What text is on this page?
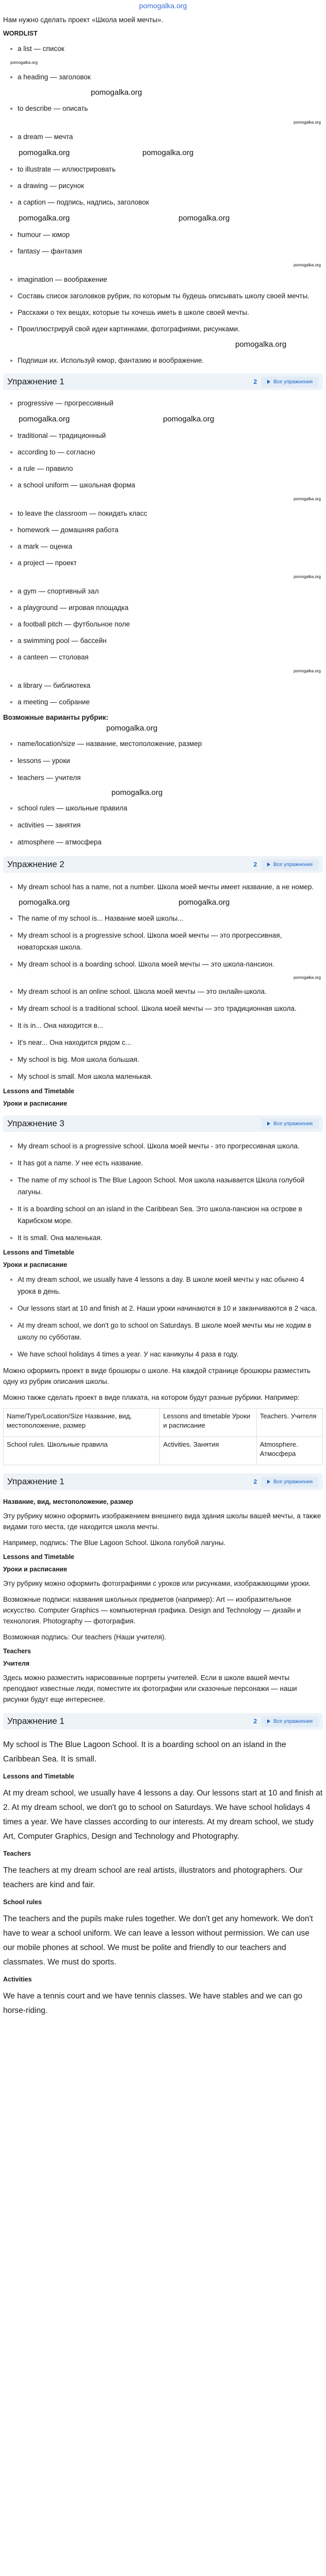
pomogalka.org

Нам нужно сделать проект «Школа моей мечты».

WORDLIST
a list — список
pomogalka.org
a heading — заголовок
pomogalka.org
to describe — описать
pomogalka.org
a dream — мечта
pomogalka.org	pomogalka.org
to illustrate — иллюстрировать
a drawing — рисунок
a caption — подпись, надпись, заголовок
pomogalka.org	pomogalka.org
humour — юмор
fantasy — фантазия
pomogalka.org
imagination — воображение
Составь список заголовков рубрик, по которым ты будешь описывать школу своей мечты.
Расскажи о тех вещах, которые ты хочешь иметь в школе своей мечты.
Проиллюстрируй свой идеи картинками, фотографиями, рисунками.
pomogalka.org
Подпиши их. Используй юмор, фантазию и воображение.
Упражнение 1	2	Все упражнения
progressive — прогрессивный
pomogalka.org	pomogalka.org
traditional — традиционный
according to — согласно
a rule — правило
a school uniform — школьная форма
pomogalka.org
to leave the classroom — покидать класс
homework — домашняя работа
a mark — оценка
a project — проект
pomogalka.org
a gym — спортивный зал
a playground — игровая площадка
a football pitch — футбольное поле
a swimming pool — бассейн
a canteen — столовая
pomogalka.org
a library — библиотека
a meeting — собрание
Возможные варианты рубрик:
pomogalka.org
name/location/size — название, местоположение, размер
lessons — уроки
teachers — учителя
pomogalka.org
school rules — школьные правила
activities — занятия
atmosphere — атмосфера
Упражнение 2	2	Все упражнения
My dream school has a name, not a number. Школа моей мечты имеет название, а не номер.
pomogalka.org	pomogalka.org
The name of my school is... Название моей школы...
My dream school is a progressive school. Школа моей мечты — это прогрессивная, новаторская школа.
My dream school is a boarding school. Школа моей мечты — это школа-пансион.
pomogalka.org
My dream school is an online school. Школа моей мечты — это онлайн-школа.
My dream school is a traditional school. Школа моей мечты — это традиционная школа.
It is in... Она находится в...
It's near... Она находится рядом с...
My school is big. Моя школа большая.
My school is small. Моя школа маленькая.
Lessons and Timetable
Уроки и расписание
Упражнение 3	Все упражнения
My dream school is a progressive school. Школа моей мечты - это прогрессивная школа.
It has got a name. У нее есть название.
The name of my school is The Blue Lagoon School. Моя школа называется Школа голубой лагуны.
It is a boarding school on an island in the Caribbean Sea. Это школа-пансион на острове в Карибском море.
It is small. Она маленькая.
Lessons and Timetable
Уроки и расписание
At my dream school, we usually have 4 lessons a day. В школе моей мечты у нас обычно 4 урока в день.
Our lessons start at 10 and finish at 2. Наши уроки начинаются в 10 и заканчиваются в 2 часа.
At my dream school, we don't go to school on Saturdays. В школе моей мечты мы не ходим в школу по субботам.
We have school holidays 4 times a year. У нас каникулы 4 раза в году.

Можно оформить проект в виде брошюры о школе. На каждой странице брошюры разместить одну из рубрик описания школы.

Можно также сделать проект в виде плаката, на котором будут разные рубрики. Например:

Name/Type/Location/Size Название, вид, местоположение, размер	Lessons and timetable Уроки и расписание	Teachers. Учителя
School rules. Школьные правила	Activities. Занятия	Atmosphere. Атмосфера
Упражнение 1	2	Все упражнения
Название, вид, местоположение, размер

Эту рубрику можно оформить изображением внешнего вида здания школы вашей мечты, а также видами того места, где находится школа мечты.

Например, подпись: The Blue Lagoon School. Школа голубой лагуны.

Lessons and Timetable
Уроки и расписание

Эту рубрику можно оформить фотографиями с уроков или рисунками, изображающими уроки.

Возможные подписи: названия школьных предметов (например): Art — изобразительное искусство. Computer Graphics — компьютерная графика. Design and Technology — дизайн и технология. Photography — фотография.

Возможная подпись: Our teachers (Наши учителя).

Teachers
Учителя

Здесь можно разместить нарисованные портреты учителей. Если в школе вашей мечты преподают известные люди, поместите их фотографии или сказочные персонажи — наши рисунки будут еще интереснее.

Упражнение 1	2	Все упражнения

My school is The Blue Lagoon School. It is a boarding school on an island in the Caribbean Sea. It is small.

Lessons and Timetable

At my dream school, we usually have 4 lessons a day. Our lessons start at 10 and finish at 2. At my dream school, we don't go to school on Saturdays. We have school holidays 4 times a year. We have classes according to our interests. At my dream school, we study Art, Computer Graphics, Design and Technology and Photography.

Teachers

The teachers at my dream school are real artists, illustrators and photographers. Our teachers are kind and fair.

School rules

The teachers and the pupils make rules together. We don't get any homework. We don't have to wear a school uniform. We can leave a lesson without permission. We can use our mobile phones at school. We must be polite and friendly to our teachers and classmates. We must do sports.

Activities

We have a tennis court and we have tennis classes. We have stables and we can go horse-riding.
